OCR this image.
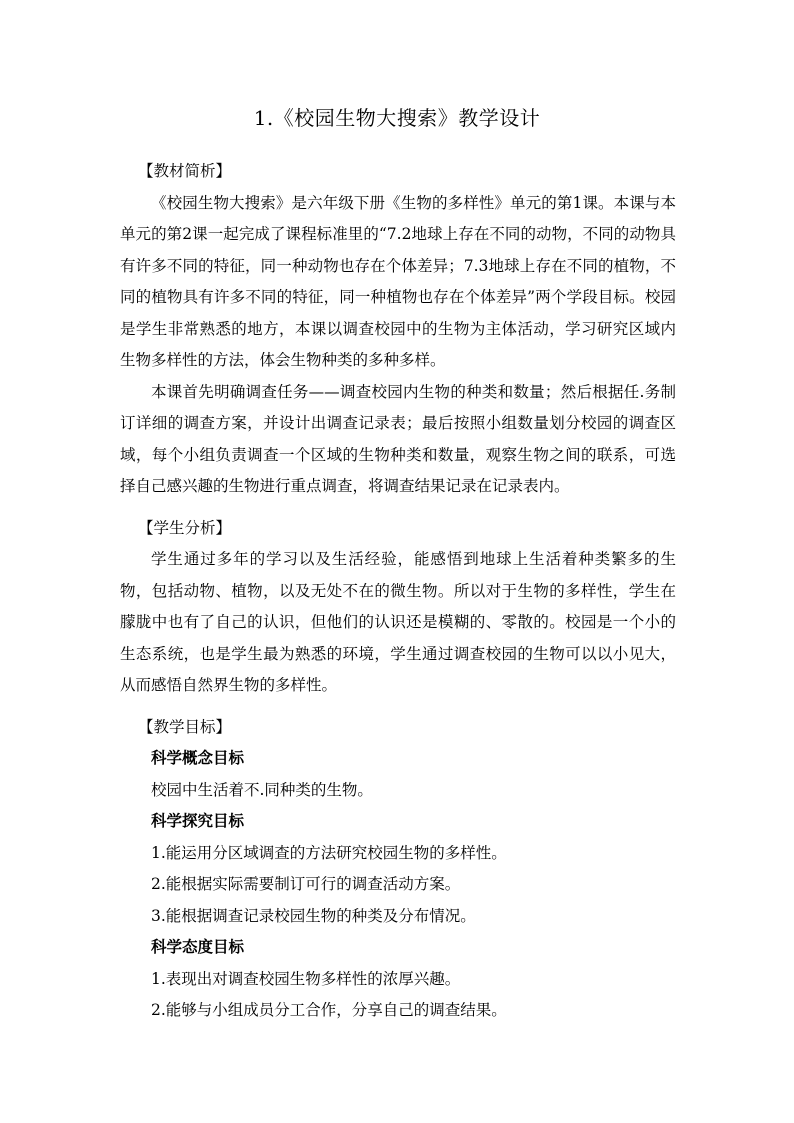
1.《校园生物大搜索》教学设计

【教材简析】

《校园生物大搜索》是六年级下册《生物的多样性》单元的第1课。本课与本单元的第2课一起完成了课程标准里的“7.2地球上存在不同的动物，不同的动物具有许多不同的特征，同一种动物也存在个体差异；7.3地球上存在不同的植物，不同的植物具有许多不同的特征，同一种植物也存在个体差异”两个学段目标。校园是学生非常熟悉的地方，本课以调查校园中的生物为主体活动，学习研究区域内生物多样性的方法，体会生物种类的多种多样。

本课首先明确调查任务——调查校园内生物的种类和数量；然后根据任.务制订详细的调查方案，并设计出调查记录表；最后按照小组数量划分校园的调查区域，每个小组负责调查一个区域的生物种类和数量，观察生物之间的联系，可选择自己感兴趣的生物进行重点调查，将调查结果记录在记录表内。

【学生分析】

学生通过多年的学习以及生活经验，能感悟到地球上生活着种类繁多的生物，包括动物、植物，以及无处不在的微生物。所以对于生物的多样性，学生在朦胧中也有了自己的认识，但他们的认识还是模糊的、零散的。校园是一个小的生态系统，也是学生最为熟悉的环境，学生通过调查校园的生物可以以小见大，从而感悟自然界生物的多样性。

【教学目标】

科学概念目标

校园中生活着不.同种类的生物。

科学探究目标

1.能运用分区域调查的方法研究校园生物的多样性。

2.能根据实际需要制订可行的调查活动方案。

3.能根据调查记录校园生物的种类及分布情况。

科学态度目标

1.表现出对调查校园生物多样性的浓厚兴趣。

2.能够与小组成员分工合作，分享自己的调查结果。
